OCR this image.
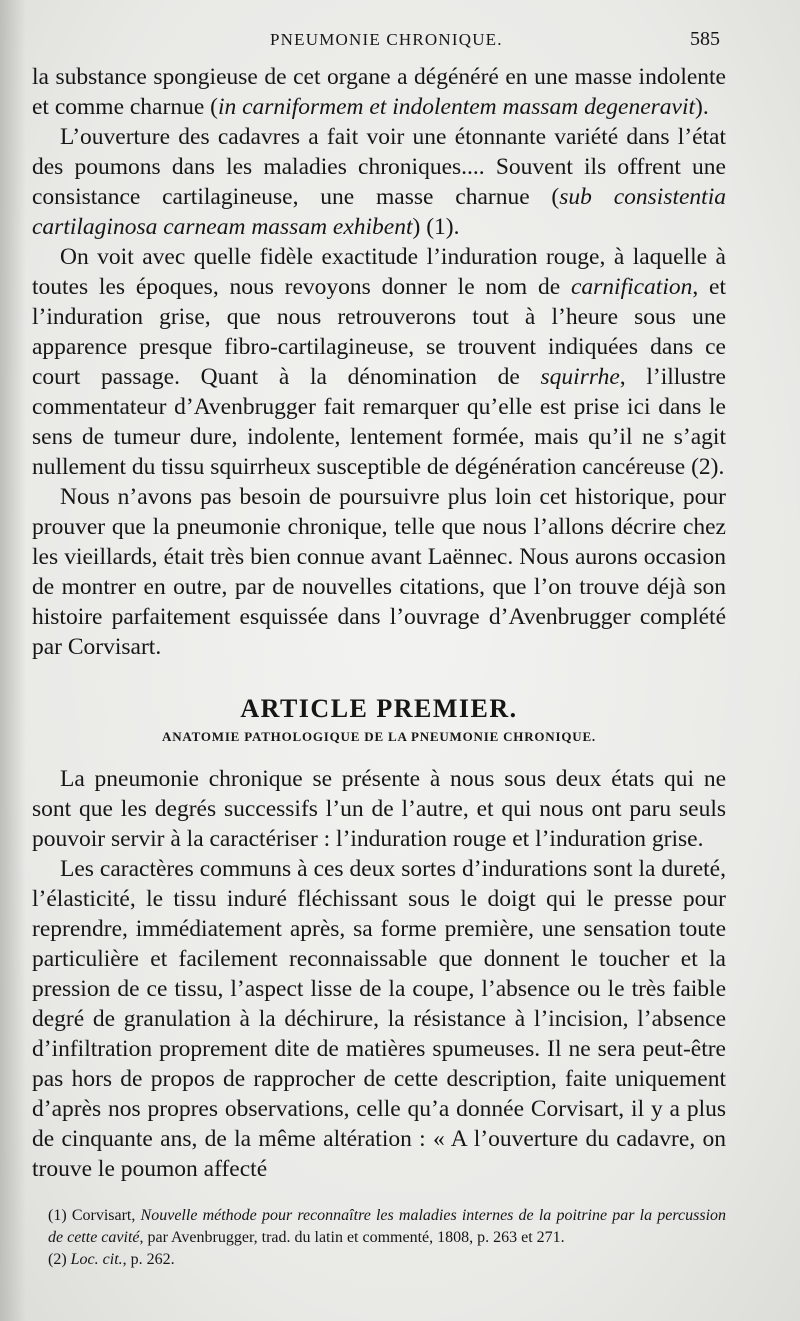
PNEUMONIE CHRONIQUE.	585

la substance spongieuse de cet organe a dégénéré en une masse indolente et comme charnue (in carniformem et indolentem massam degeneravit).

L’ouverture des cadavres a fait voir une étonnante variété dans l’état des poumons dans les maladies chroniques.... Souvent ils offrent une consistance cartilagineuse, une masse charnue (sub consistentia cartilaginosa carneam massam exhibent) (1).

On voit avec quelle fidèle exactitude l’induration rouge, à laquelle à toutes les époques, nous revoyons donner le nom de carnification, et l’induration grise, que nous retrouverons tout à l’heure sous une apparence presque fibro-cartilagineuse, se trouvent indiquées dans ce court passage. Quant à la dénomination de squirrhe, l’illustre commentateur d’Avenbrugger fait remarquer qu’elle est prise ici dans le sens de tumeur dure, indolente, lentement formée, mais qu’il ne s’agit nullement du tissu squirrheux susceptible de dégénération cancéreuse (2).

Nous n’avons pas besoin de poursuivre plus loin cet historique, pour prouver que la pneumonie chronique, telle que nous l’allons décrire chez les vieillards, était très bien connue avant Laënnec. Nous aurons occasion de montrer en outre, par de nouvelles citations, que l’on trouve déjà son histoire parfaitement esquissée dans l’ouvrage d’Avenbrugger complété par Corvisart.

ARTICLE PREMIER.
ANATOMIE PATHOLOGIQUE DE LA PNEUMONIE CHRONIQUE.

La pneumonie chronique se présente à nous sous deux états qui ne sont que les degrés successifs l’un de l’autre, et qui nous ont paru seuls pouvoir servir à la caractériser : l’induration rouge et l’induration grise.

Les caractères communs à ces deux sortes d’indurations sont la dureté, l’élasticité, le tissu induré fléchissant sous le doigt qui le presse pour reprendre, immédiatement après, sa forme première, une sensation toute particulière et facilement reconnaissable que donnent le toucher et la pression de ce tissu, l’aspect lisse de la coupe, l’absence ou le très faible degré de granulation à la déchirure, la résistance à l’incision, l’absence d’infiltration proprement dite de matières spumeuses. Il ne sera peut-être pas hors de propos de rapprocher de cette description, faite uniquement d’après nos propres observations, celle qu’a donnée Corvisart, il y a plus de cinquante ans, de la même altération : « A l’ouverture du cadavre, on trouve le poumon affecté

(1) Corvisart, Nouvelle méthode pour reconnaître les maladies internes de la poitrine par la percussion de cette cavité, par Avenbrugger, trad. du latin et commenté, 1808, p. 263 et 271.

(2) Loc. cit., p. 262.
